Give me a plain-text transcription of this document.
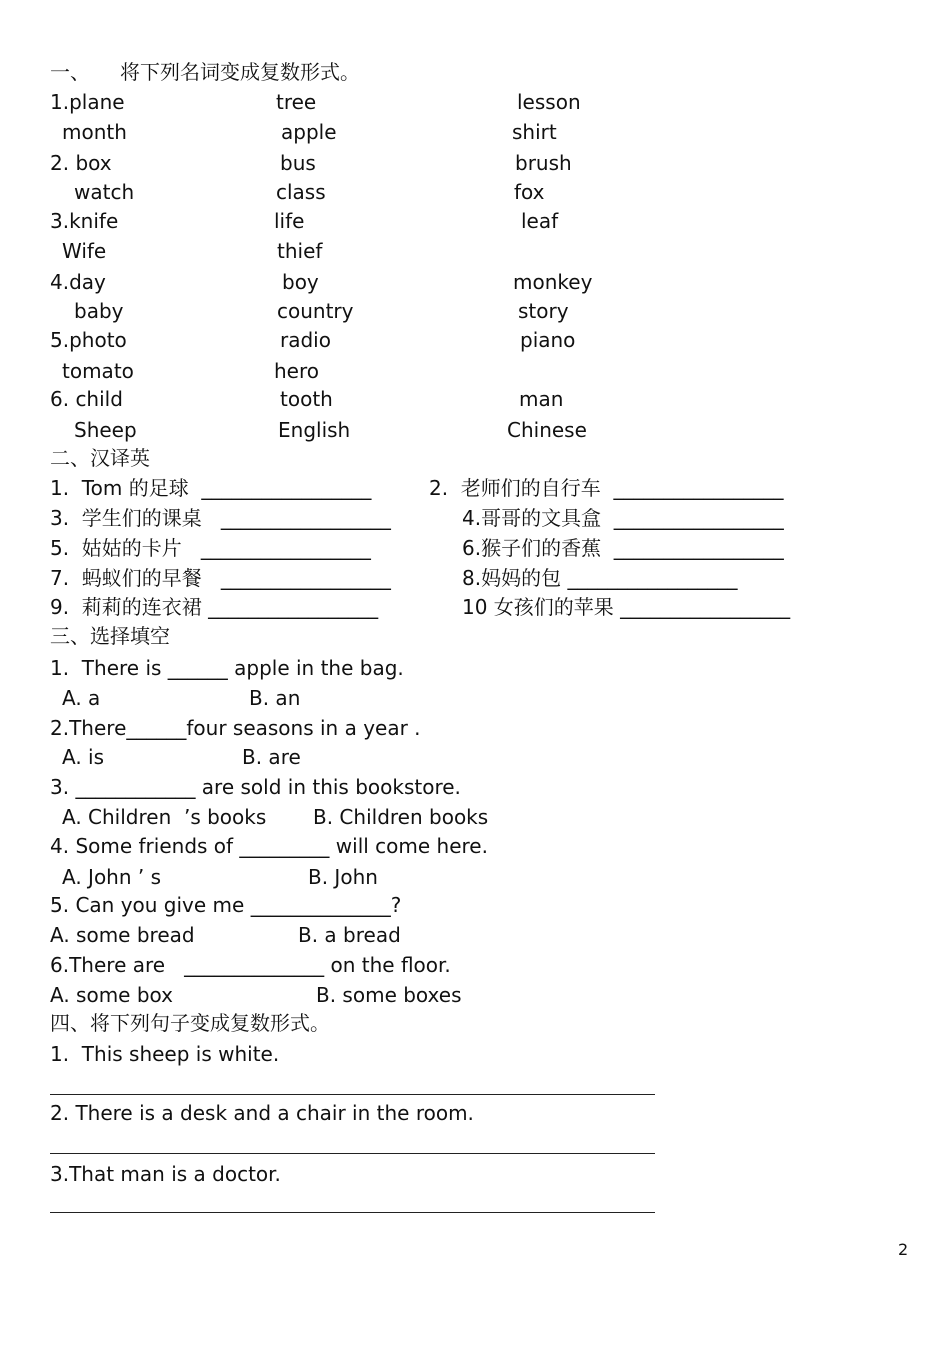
一、　　将下列名词变成复数形式。
1.plane	tree	lesson
month	apple	shirt
2. box	bus	brush
watch	class	fox
3.knife	life	leaf
Wife	thief
4.day	boy	monkey
baby	country	story
5.photo	radio	piano
tomato	hero
6. child	tooth	man
Sheep	English	Chinese
二、汉译英
1.  Tom 的足球  _________________	2.  老师们的自行车  _________________
3.  学生们的课桌   _________________	4.哥哥的文具盒  _________________
5.  姑姑的卡片   _________________	6.猴子们的香蕉  _________________
7.  蚂蚁们的早餐   _________________	8.妈妈的包 _________________
9.  莉莉的连衣裙 _________________	10 女孩们的苹果 _________________
三、选择填空
1.  There is ______ apple in the bag.
A. a	B. an
2.There______four seasons in a year .
A. is	B. are
3. ____________ are sold in this bookstore.
A. Children  ’s books B. Children books
4. Some friends of _________ will come here.
A. John ’ s	B. John
5. Can you give me ______________?
A. some bread	B. a bread
6.There are   ______________ on the floor.
A. some box	B. some boxes
四、将下列句子变成复数形式。
1.  This sheep is white.
2. There is a desk and a chair in the room.
3.That man is a doctor.
2
